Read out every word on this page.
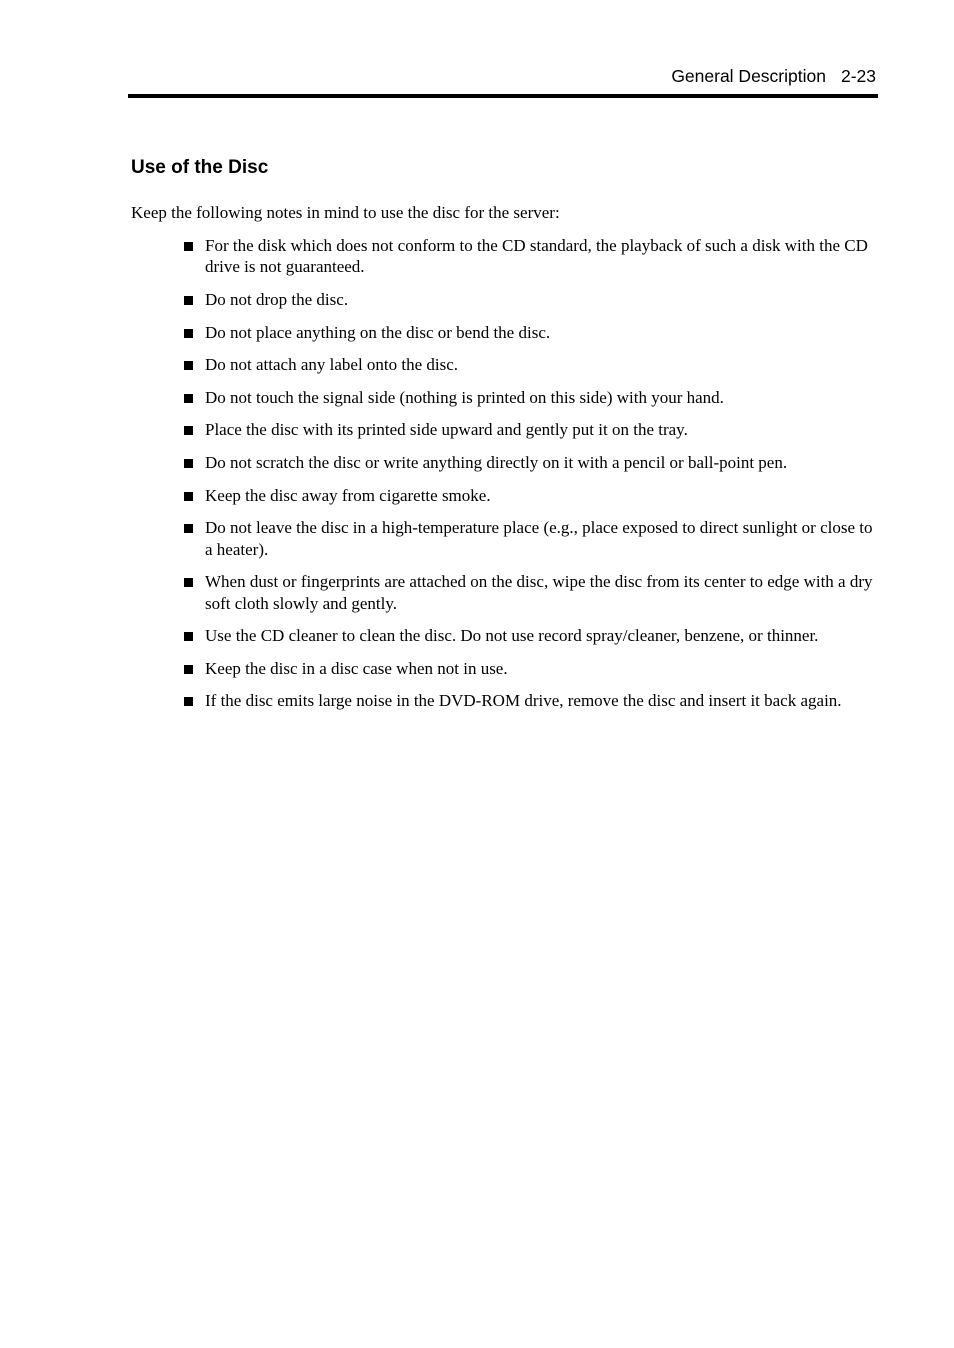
General Description 2-23
Use of the Disc

Keep the following notes in mind to use the disc for the server:

For the disk which does not conform to the CD standard, the playback of such a disk with the CD drive is not guaranteed.
Do not drop the disc.
Do not place anything on the disc or bend the disc.
Do not attach any label onto the disc.
Do not touch the signal side (nothing is printed on this side) with your hand.
Place the disc with its printed side upward and gently put it on the tray.
Do not scratch the disc or write anything directly on it with a pencil or ball-point pen.
Keep the disc away from cigarette smoke.
Do not leave the disc in a high-temperature place (e.g., place exposed to direct sunlight or close to a heater).
When dust or fingerprints are attached on the disc, wipe the disc from its center to edge with a dry soft cloth slowly and gently.
Use the CD cleaner to clean the disc. Do not use record spray/cleaner, benzene, or thinner.
Keep the disc in a disc case when not in use.
If the disc emits large noise in the DVD-ROM drive, remove the disc and insert it back again.
